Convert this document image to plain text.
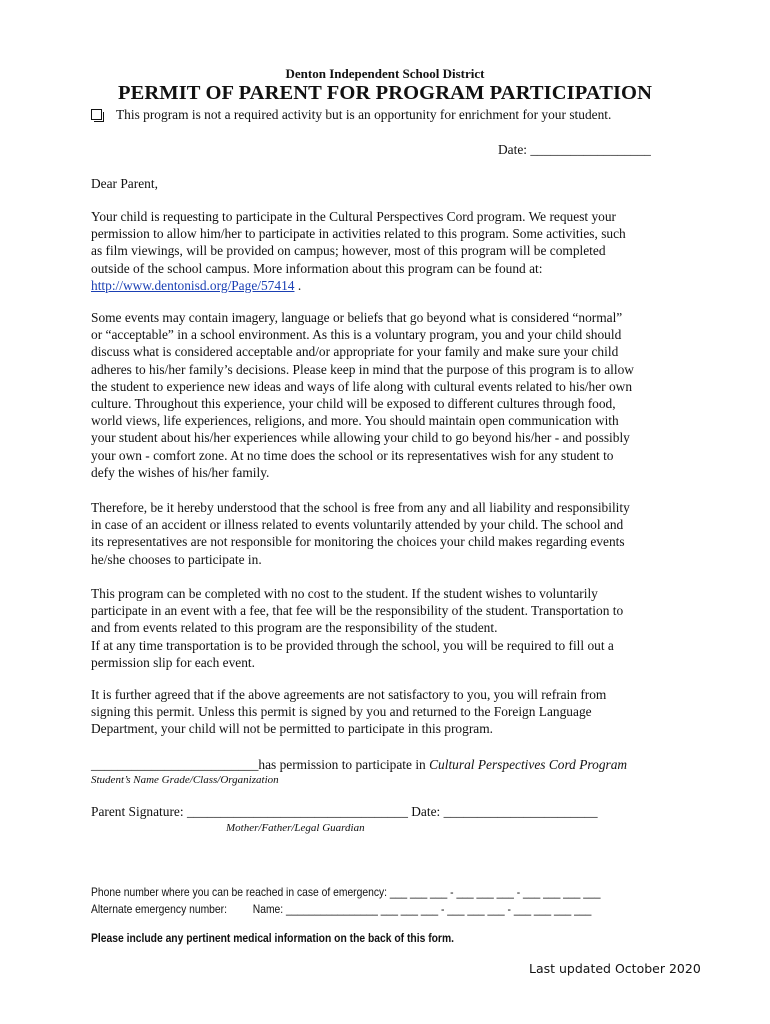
Denton Independent School District
PERMIT OF PARENT FOR PROGRAM PARTICIPATION
This program is not a required activity but is an opportunity for enrichment for your student.
Date: __________________
Dear Parent,

Your child is requesting to participate in the Cultural Perspectives Cord program. We request your

permission to allow him/her to participate in activities related to this program. Some activities, such

as film viewings, will be provided on campus; however, most of this program will be completed

outside of the school campus. More information about this program can be found at:

http://www.dentonisd.org/Page/57414 .

Some events may contain imagery, language or beliefs that go beyond what is considered “normal”

or “acceptable” in a school environment. As this is a voluntary program, you and your child should

discuss what is considered acceptable and/or appropriate for your family and make sure your child

adheres to his/her family’s decisions. Please keep in mind that the purpose of this program is to allow

the student to experience new ideas and ways of life along with cultural events related to his/her own

culture. Throughout this experience, your child will be exposed to different cultures through food,

world views, life experiences, religions, and more. You should maintain open communication with

your student about his/her experiences while allowing your child to go beyond his/her - and possibly

your own - comfort zone. At no time does the school or its representatives wish for any student to

defy the wishes of his/her family.

Therefore, be it hereby understood that the school is free from any and all liability and responsibility

in case of an accident or illness related to events voluntarily attended by your child. The school and

its representatives are not responsible for monitoring the choices your child makes regarding events

he/she chooses to participate in.

This program can be completed with no cost to the student. If the student wishes to voluntarily

participate in an event with a fee, that fee will be the responsibility of the student. Transportation to

and from events related to this program are the responsibility of the student.

If at any time transportation is to be provided through the school, you will be required to fill out a

permission slip for each event.

It is further agreed that if the above agreements are not satisfactory to you, you will refrain from

signing this permit. Unless this permit is signed by you and returned to the Foreign Language

Department, your child will not be permitted to participate in this program.

_________________________has permission to participate in Cultural Perspectives Cord Program
Student’s Name Grade/Class/Organization
Parent Signature: _________________________________ Date: _______________________
Mother/Father/Legal Guardian
Phone number where you can be reached in case of emergency: ___ ___ ___ - ___ ___ ___ - ___ ___ ___ ___
Alternate emergency number: Name: ________________ ___ ___ ___ - ___ ___ ___ - ___ ___ ___ ___
Please include any pertinent medical information on the back of this form.
Last updated October 2020
